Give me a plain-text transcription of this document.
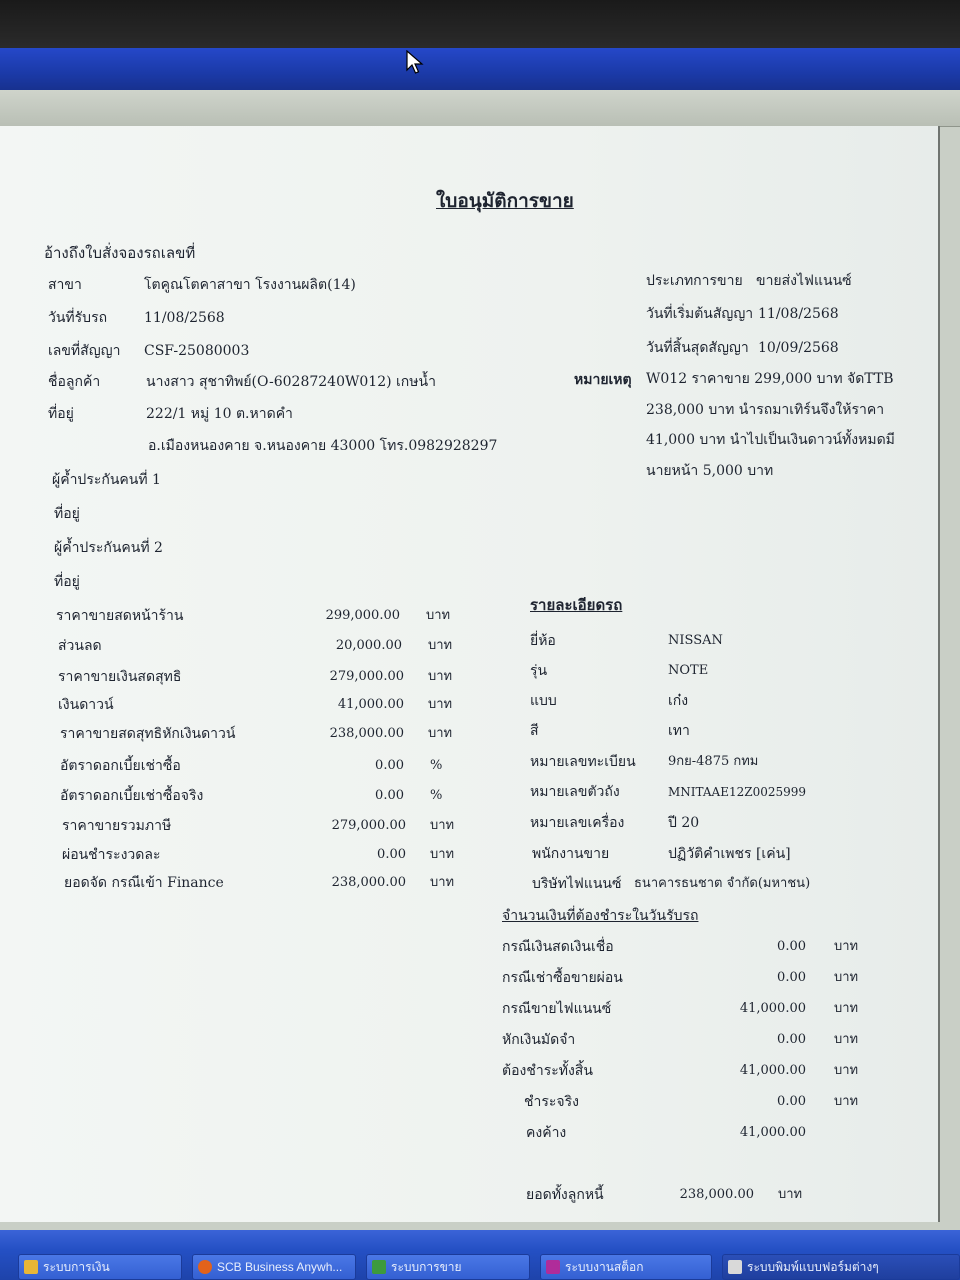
ใบอนุมัติการขาย
อ้างถึงใบสั่งจองรถเลขที่
สาขา	โตคูณโตคาสาขา โรงงานผลิต(14)
วันที่รับรถ	11/08/2568
เลขที่สัญญา CSF-25080003
ชื่อลูกค้า	นางสาว สุชาทิพย์(O-60287240W012) เกษน้ำ
ที่อยู่	222/1 หมู่ 10 ต.หาดคำ
อ.เมืองหนองคาย จ.หนองคาย 43000 โทร.0982928297
ผู้ค้ำประกันคนที่ 1
ที่อยู่
ผู้ค้ำประกันคนที่ 2
ที่อยู่
ประเภทการขาย ขายส่งไฟแนนซ์
วันที่เริ่มต้นสัญญา 11/08/2568
วันที่สิ้นสุดสัญญา 10/09/2568
หมายเหตุ W012 ราคาขาย 299,000 บาท จัดTTB
238,000 บาท นำรถมาเทิร์นจึงให้ราคา
41,000 บาท นำไปเป็นเงินดาวน์ทั้งหมดมี
นายหน้า 5,000 บาท
ราคาขายสดหน้าร้าน	299,000.00 บาท
ส่วนลด	20,000.00 บาท
ราคาขายเงินสดสุทธิ	279,000.00 บาท
เงินดาวน์	41,000.00 บาท
ราคาขายสดสุทธิหักเงินดาวน์	238,000.00 บาท
อัตราดอกเบี้ยเช่าซื้อ	0.00 %
อัตราดอกเบี้ยเช่าซื้อจริง	0.00 %
ราคาขายรวมภาษี	279,000.00 บาท
ผ่อนชำระงวดละ	0.00 บาท
ยอดจัด กรณีเข้า Finance	238,000.00 บาท
รายละเอียดรถ
ยี่ห้อ	NISSAN
รุ่น	NOTE
แบบ	เก๋ง
สี	เทา
หมายเลขทะเบียน 9กย-4875 กทม
หมายเลขตัวถัง	MNITAAE12Z0025999
หมายเลขเครื่อง	ปี 20
พนักงานขาย	ปฏิวัติคำเพชร [เค่น]
บริษัทไฟแนนซ์ ธนาคารธนชาต จำกัด(มหาชน)
จำนวนเงินที่ต้องชำระในวันรับรถ
กรณีเงินสดเงินเชื่อ	0.00 บาท
กรณีเช่าซื้อขายผ่อน	0.00 บาท
กรณีขายไฟแนนซ์	41,000.00 บาท
หักเงินมัดจำ	0.00 บาท
ต้องชำระทั้งสิ้น	41,000.00 บาท
ชำระจริง	0.00 บาท
คงค้าง	41,000.00
ยอดทั้งลูกหนี้	238,000.00 บาท
ระบบการเงิน	SCB Business Anywh...	ระบบการขาย	ระบบงานสต็อก	ระบบพิมพ์แบบฟอร์มต่างๆ
